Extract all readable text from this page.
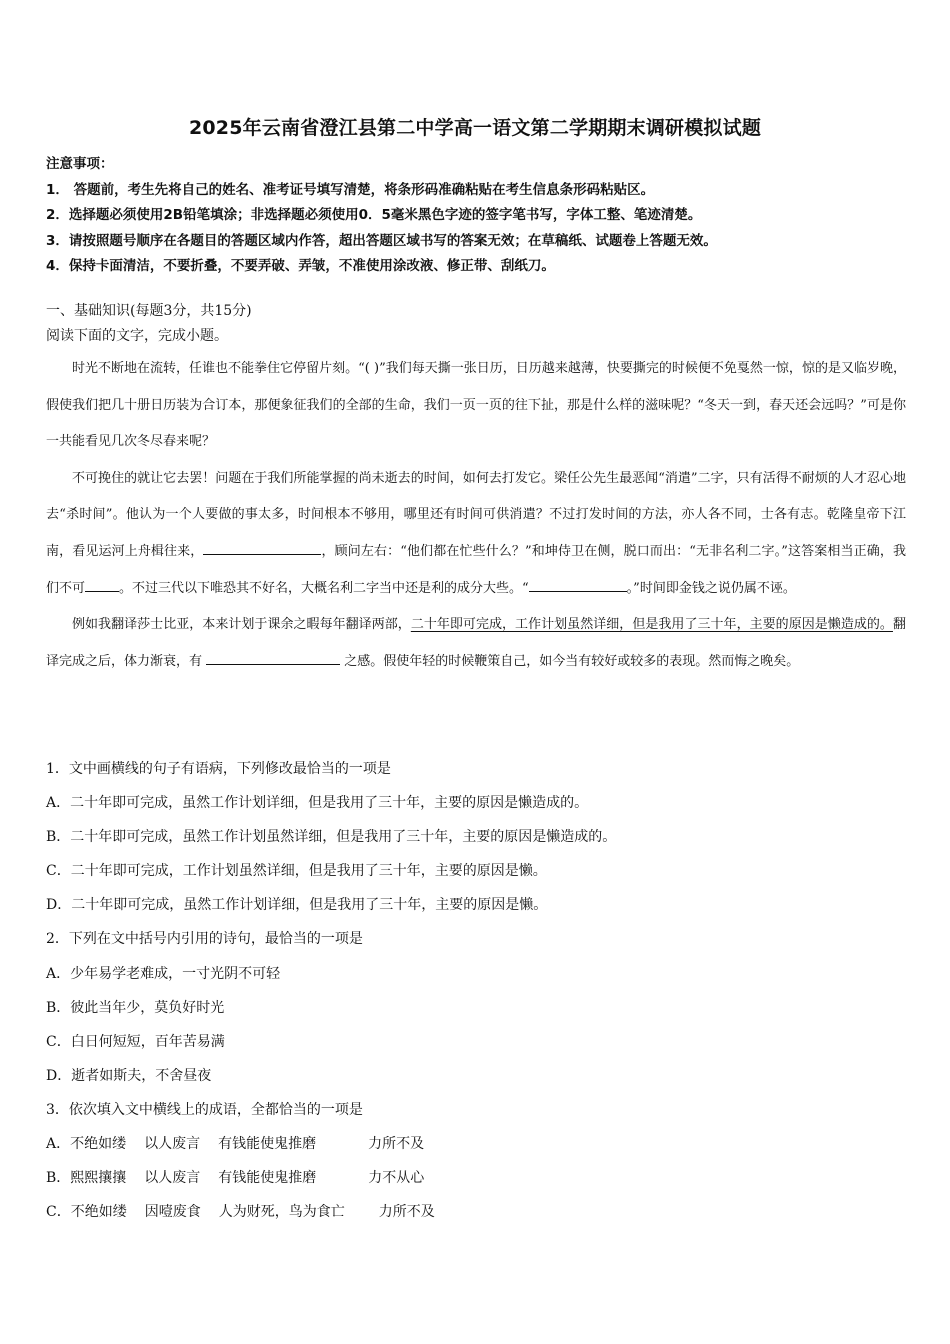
2025年云南省澄江县第二中学高一语文第二学期期末调研模拟试题
注意事项：
1． 答题前，考生先将自己的姓名、准考证号填写清楚，将条形码准确粘贴在考生信息条形码粘贴区。
2．选择题必须使用2B铅笔填涂；非选择题必须使用0．5毫米黑色字迹的签字笔书写，字体工整、笔迹清楚。
3．请按照题号顺序在各题目的答题区域内作答，超出答题区域书写的答案无效；在草稿纸、试题卷上答题无效。
4．保持卡面清洁，不要折叠，不要弄破、弄皱，不准使用涂改液、修正带、刮纸刀。
一、基础知识(每题3分，共15分)
阅读下面的文字，完成小题。

时光不断地在流转，任谁也不能拳住它停留片刻。“( )”我们每天撕一张日历，日历越来越薄，快要撕完的时候便不免戛然一惊，惊的是又临岁晚，假使我们把几十册日历装为合订本，那便象征我们的全部的生命，我们一页一页的往下扯，那是什么样的滋味呢？“冬天一到，春天还会远吗？”可是你一共能看见几次冬尽春来呢？

不可挽住的就让它去罢！问题在于我们所能掌握的尚未逝去的时间，如何去打发它。梁任公先生最恶闻“消遣”二字，只有活得不耐烦的人才忍心地去“杀时间”。他认为一个人要做的事太多，时间根本不够用，哪里还有时间可供消遣？不过打发时间的方法，亦人各不同，士各有志。乾隆皇帝下江南，看见运河上舟楫往来，	，顾问左右：“他们都在忙些什么？”和坤侍卫在侧，脱口而出：“无非名利二字。”这答案相当正确，我们不可	。不过三代以下唯恐其不好名，大概名利二字当中还是利的成分大些。“	。”时间即金钱之说仍属不诬。

例如我翻译莎士比亚，本来计划于课余之暇每年翻译两部，二十年即可完成，工作计划虽然详细，但是我用了三十年，主要的原因是懒造成的。翻译完成之后，体力渐衰，有	之感。假使年轻的时候鞭策自己，如今当有较好或较多的表现。然而悔之晚矣。

1．文中画横线的句子有语病，下列修改最恰当的一项是
A．二十年即可完成，虽然工作计划详细，但是我用了三十年，主要的原因是懒造成的。
B．二十年即可完成，虽然工作计划虽然详细，但是我用了三十年，主要的原因是懒造成的。
C．二十年即可完成，工作计划虽然详细，但是我用了三十年，主要的原因是懒。
D．二十年即可完成，虽然工作计划详细，但是我用了三十年，主要的原因是懒。
2．下列在文中括号内引用的诗句，最恰当的一项是
A．少年易学老难成，一寸光阴不可轻
B．彼此当年少，莫负好时光
C．白日何短短，百年苦易满
D．逝者如斯夫，不舍昼夜
3．依次填入文中横线上的成语，全都恰当的一项是
A．不绝如缕 以人废言 有钱能使鬼推磨	力所不及
B．熙熙攘攘 以人废言 有钱能使鬼推磨	力不从心
C．不绝如缕 因噎废食 人为财死，鸟为食亡 力所不及
